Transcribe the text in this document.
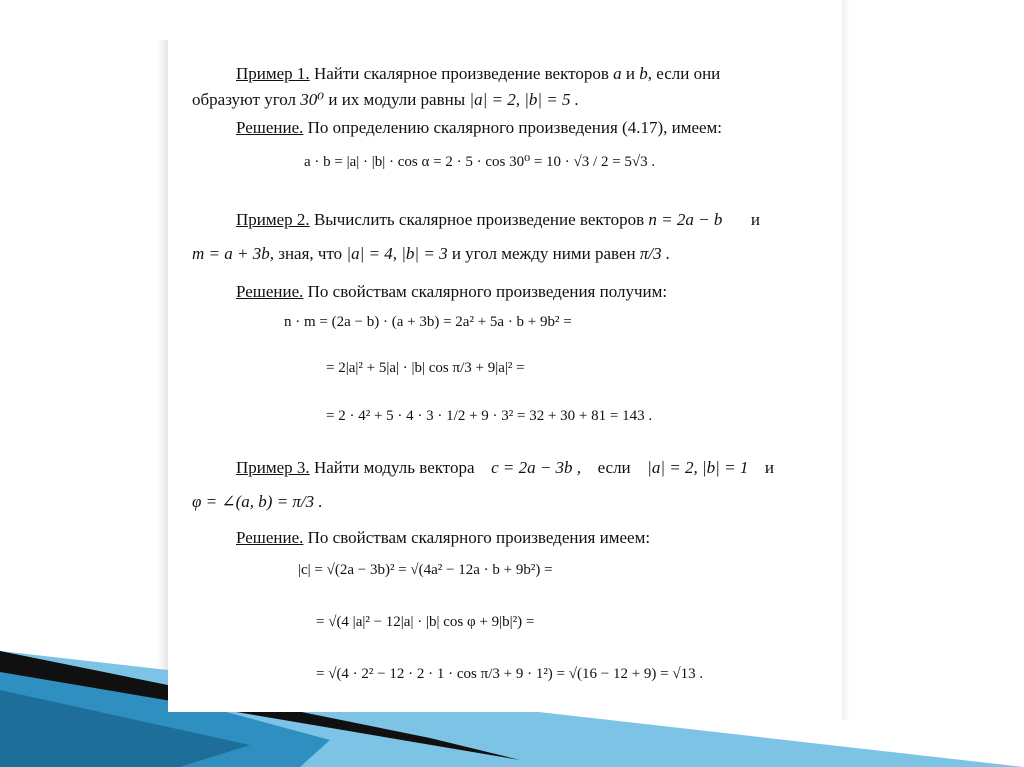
Пример 1. Найти скалярное произведение векторов a и b, если они
образуют угол 30⁰ и их модули равны |a| = 2, |b| = 5 .
Решение. По определению скалярного произведения (4.17), имеем:
a · b = |a| · |b| · cos α = 2 · 5 · cos 30⁰ = 10 · √3 / 2 = 5√3 .
Пример 2. Вычислить скалярное произведение векторов n = 2a − b и
m = a + 3b, зная, что |a| = 4, |b| = 3 и угол между ними равен π/3 .
Решение. По свойствам скалярного произведения получим:
n · m = (2a − b) · (a + 3b) = 2a² + 5a · b + 9b² =
= 2|a|² + 5|a| · |b| cos π/3 + 9|a|² =
= 2 · 4² + 5 · 4 · 3 · 1/2 + 9 · 3² = 32 + 30 + 81 = 143 .
Пример 3. Найти модуль вектора c = 2a − 3b , если |a| = 2, |b| = 1 и
φ = ∠(a, b) = π/3 .
Решение. По свойствам скалярного произведения имеем:
|c| = √(2a − 3b)² = √(4a² − 12a · b + 9b²) =
= √(4 |a|² − 12|a| · |b| cos φ + 9|b|²) =
= √(4 · 2² − 12 · 2 · 1 · cos π/3 + 9 · 1²) = √(16 − 12 + 9) = √13 .
